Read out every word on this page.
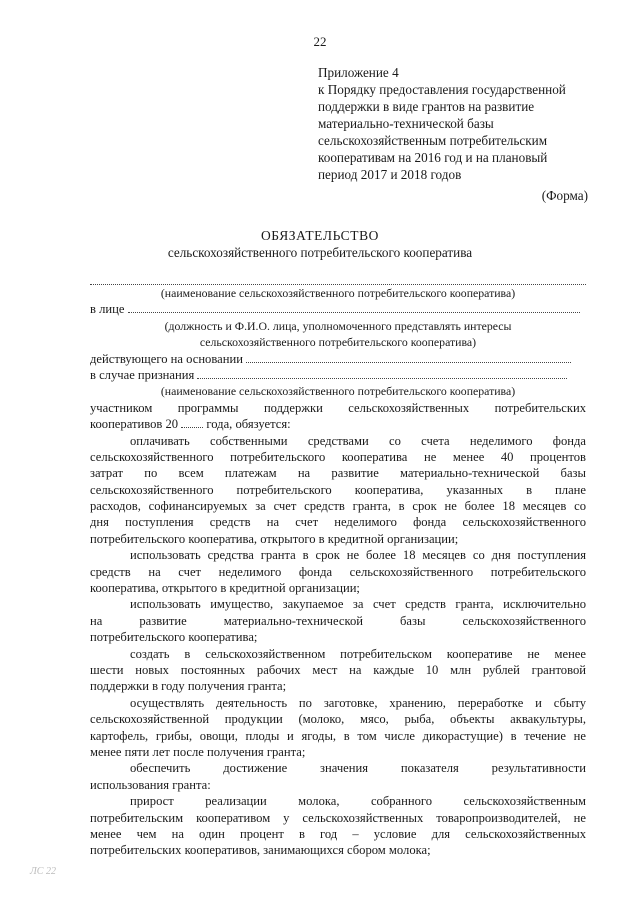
22
Приложение 4
к Порядку предоставления государственной
поддержки в виде грантов на развитие
материально-технической базы
сельскохозяйственным потребительским
кооперативам на 2016 год и на плановый
период 2017 и 2018 годов
(Форма)
ОБЯЗАТЕЛЬСТВО
сельскохозяйственного потребительского кооператива
(наименование сельскохозяйственного потребительского кооператива)
в лице
(должность и Ф.И.О. лица, уполномоченного представлять интересы
сельскохозяйственного потребительского кооператива)
действующего на основании
в случае признания
(наименование сельскохозяйственного потребительского кооператива)
участником программы поддержки сельскохозяйственных потребительских
кооперативов 20 года, обязуется:
оплачивать собственными средствами со счета неделимого фонда
сельскохозяйственного потребительского кооператива не менее 40 процентов
затрат по всем платежам на развитие материально-технической базы
сельскохозяйственного потребительского кооператива, указанных в плане
расходов, софинансируемых за счет средств гранта, в срок не более 18 месяцев со
дня поступления средств на счет неделимого фонда сельскохозяйственного
потребительского кооператива, открытого в кредитной организации;
использовать средства гранта в срок не более 18 месяцев со дня поступления
средств на счет неделимого фонда сельскохозяйственного потребительского
кооператива, открытого в кредитной организации;
использовать имущество, закупаемое за счет средств гранта, исключительно
на развитие материально-технической базы сельскохозяйственного
потребительского кооператива;
создать в сельскохозяйственном потребительском кооперативе не менее
шести новых постоянных рабочих мест на каждые 10 млн рублей грантовой
поддержки в году получения гранта;
осуществлять деятельность по заготовке, хранению, переработке и сбыту
сельскохозяйственной продукции (молоко, мясо, рыба, объекты аквакультуры,
картофель, грибы, овощи, плоды и ягоды, в том числе дикорастущие) в течение не
менее пяти лет после получения гранта;
обеспечить достижение значения показателя результативности
использования гранта:
прирост реализации молока, собранного сельскохозяйственным
потребительским кооперативом у сельскохозяйственных товаропроизводителей, не
менее чем на один процент в год – условие для сельскохозяйственных
потребительских кооперативов, занимающихся сбором молока;
ЛС 22
